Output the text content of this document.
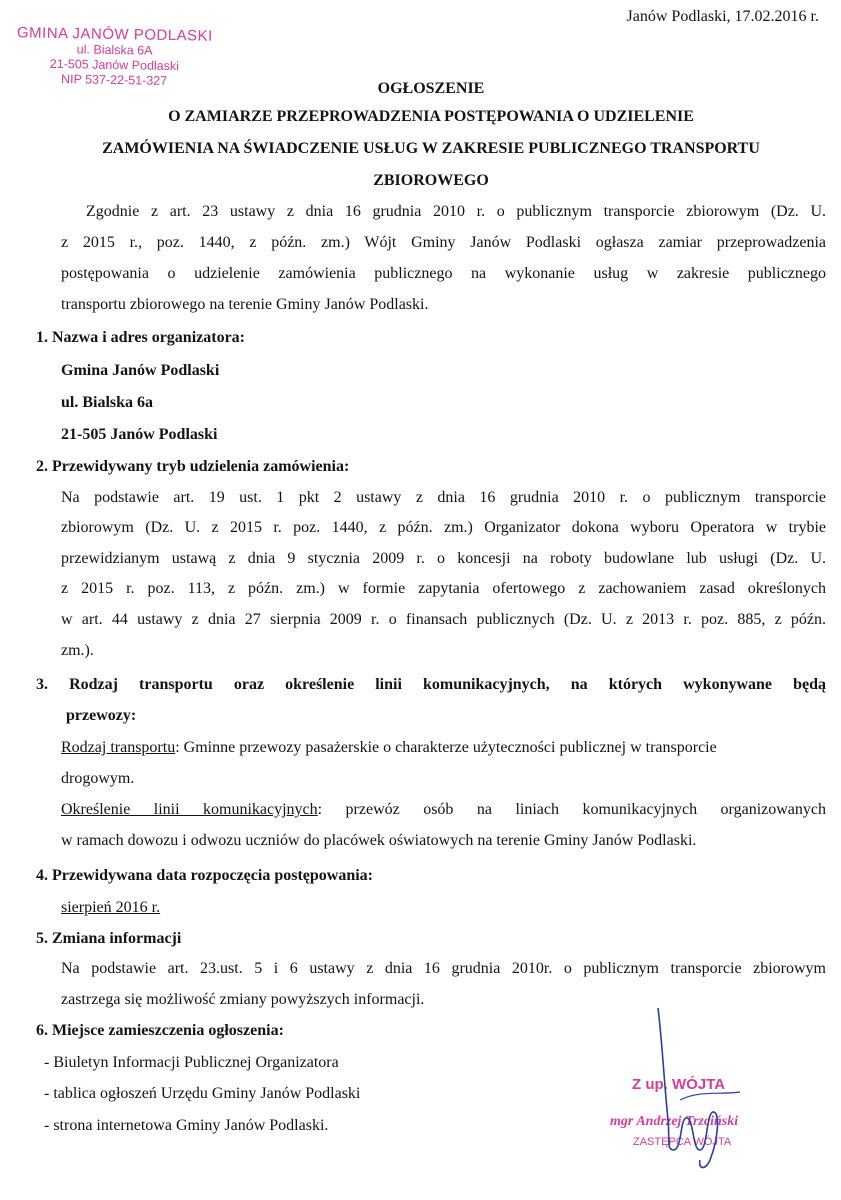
GMINA JANÓW PODLASKI
ul. Bialska 6A
21-505 Janów Podlaski
NIP 537-22-51-327
Janów Podlaski, 17.02.2016 r.
OGŁOSZENIE
O ZAMIARZE PRZEPROWADZENIA POSTĘPOWANIA O UDZIELENIE
ZAMÓWIENIA NA ŚWIADCZENIE USŁUG W ZAKRESIE PUBLICZNEGO TRANSPORTU
ZBIOROWEGO
Zgodnie z art. 23 ustawy z dnia 16 grudnia 2010 r. o publicznym transporcie zbiorowym (Dz. U.
z 2015 r., poz. 1440, z późn. zm.) Wójt Gminy Janów Podlaski ogłasza zamiar przeprowadzenia
postępowania o udzielenie zamówienia publicznego na wykonanie usług w zakresie publicznego
transportu zbiorowego na terenie Gminy Janów Podlaski.
1. Nazwa i adres organizatora:
Gmina Janów Podlaski
ul. Bialska 6a
21-505 Janów Podlaski
2. Przewidywany tryb udzielenia zamówienia:
Na podstawie art. 19 ust. 1 pkt 2 ustawy z dnia 16 grudnia 2010 r. o publicznym transporcie
zbiorowym (Dz. U. z 2015 r. poz. 1440, z późn. zm.) Organizator dokona wyboru Operatora w trybie
przewidzianym ustawą z dnia 9 stycznia 2009 r. o koncesji na roboty budowlane lub usługi (Dz. U.
z 2015 r. poz. 113, z późn. zm.) w formie zapytania ofertowego z zachowaniem zasad określonych
w art. 44 ustawy z dnia 27 sierpnia 2009 r. o finansach publicznych (Dz. U. z 2013 r. poz. 885, z późn.
zm.).
3. Rodzaj transportu oraz określenie linii komunikacyjnych, na których wykonywane będą
przewozy:
Rodzaj transportu: Gminne przewozy pasażerskie o charakterze użyteczności publicznej w transporcie
drogowym.
Określenie linii komunikacyjnych: przewóz osób na liniach komunikacyjnych organizowanych
w ramach dowozu i odwozu uczniów do placówek oświatowych na terenie Gminy Janów Podlaski.
4. Przewidywana data rozpoczęcia postępowania:
sierpień 2016 r.
5. Zmiana informacji
Na podstawie art. 23.ust. 5 i 6 ustawy z dnia 16 grudnia 2010r. o publicznym transporcie zbiorowym
zastrzega się możliwość zmiany powyższych informacji.
6. Miejsce zamieszczenia ogłoszenia:
- Biuletyn Informacji Publicznej Organizatora
- tablica ogłoszeń Urzędu Gminy Janów Podlaski
- strona internetowa Gminy Janów Podlaski.
Z up. WÓJTA
mgr Andrzej Trzciński
ZASTĘPCA WÓJTA
